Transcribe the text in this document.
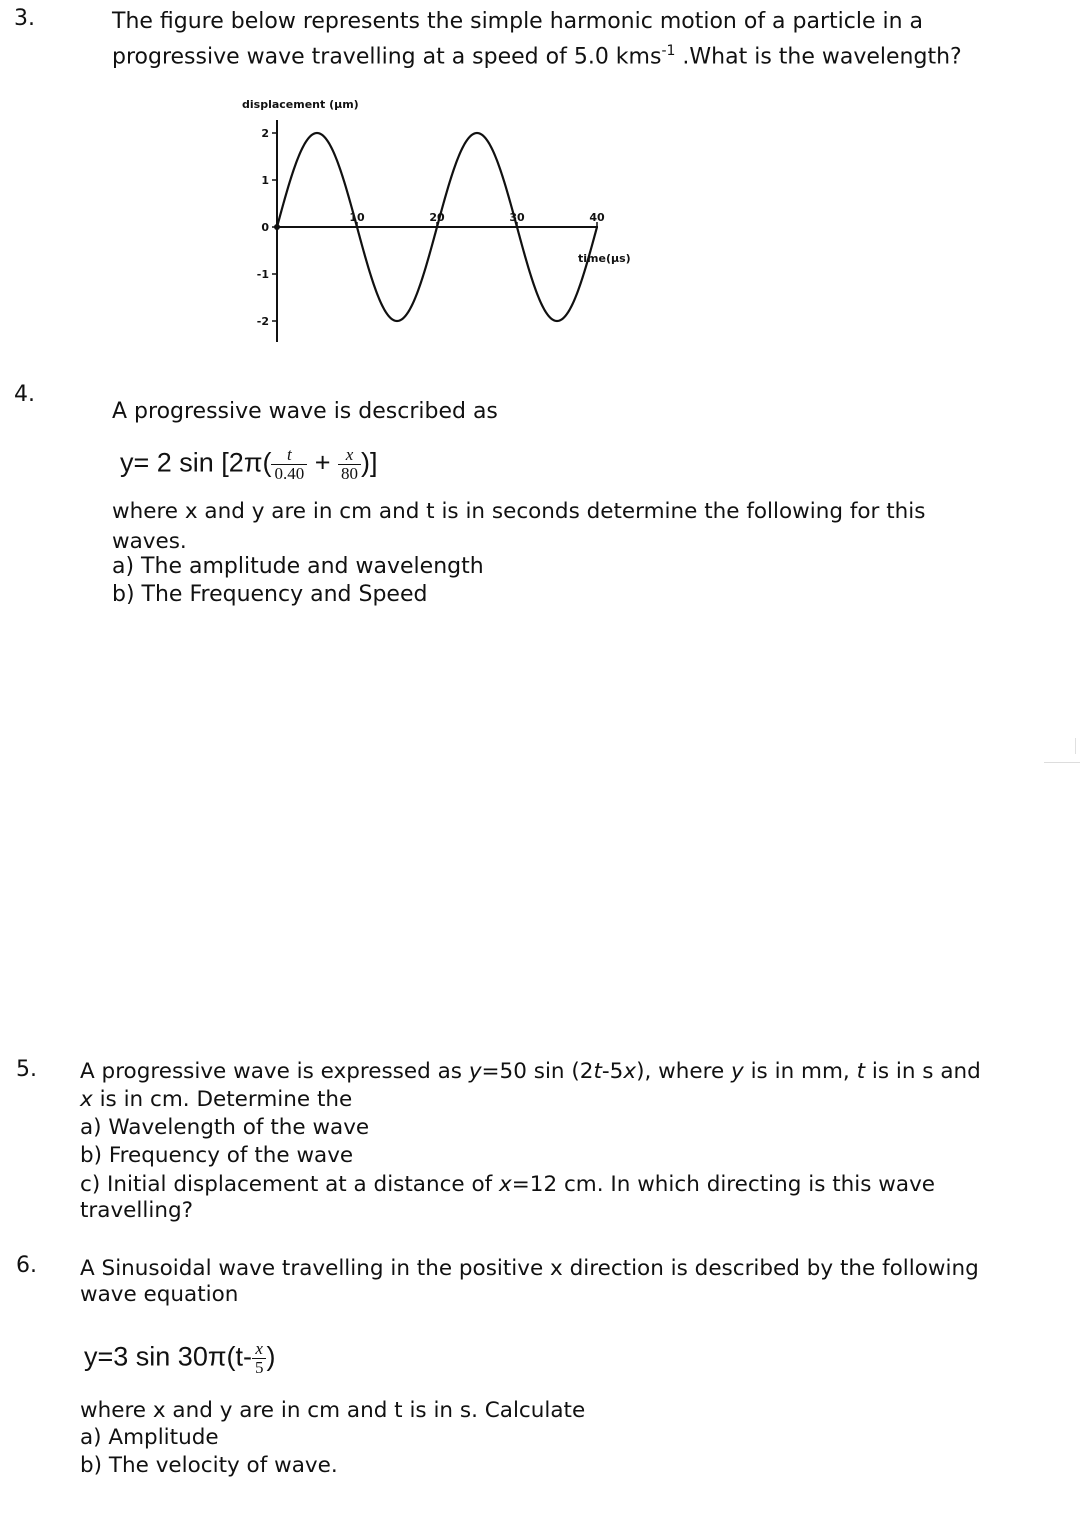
3.	The figure below represents the simple harmonic motion of a particle in a
progressive wave travelling at a speed of 5.0 kms$^{-1}$ .What is the wavelength?
displacement (μm)
time(μs)
2
1
0
-1
-2
10	20	30	40
4.
A progressive wave is described as
y= 2 $\sin [2\pi( \frac{t}{0.40} + \frac{x}{80}$ )]
where x and y are in cm and t is in seconds determine the following for this
waves.
a) The amplitude and wavelength
b) The Frequency and Speed
5. A progressive wave is expressed as y=50 sin (2t-5x), where y is in mm, t is in s and
x is in cm. Determine the
a) Wavelength of the wave
b) Frequency of the wave
c) Initial displacement at a distance of x=12 cm. In which directing is this wave
travelling?
6. A Sinusoidal wave travelling in the positive x direction is described by the following
wave equation
y=3 $\sin 30\pi(t- \frac{x}{5}$ )
where x and y are in cm and t is in s. Calculate
a) Amplitude
b) The velocity of wave.
